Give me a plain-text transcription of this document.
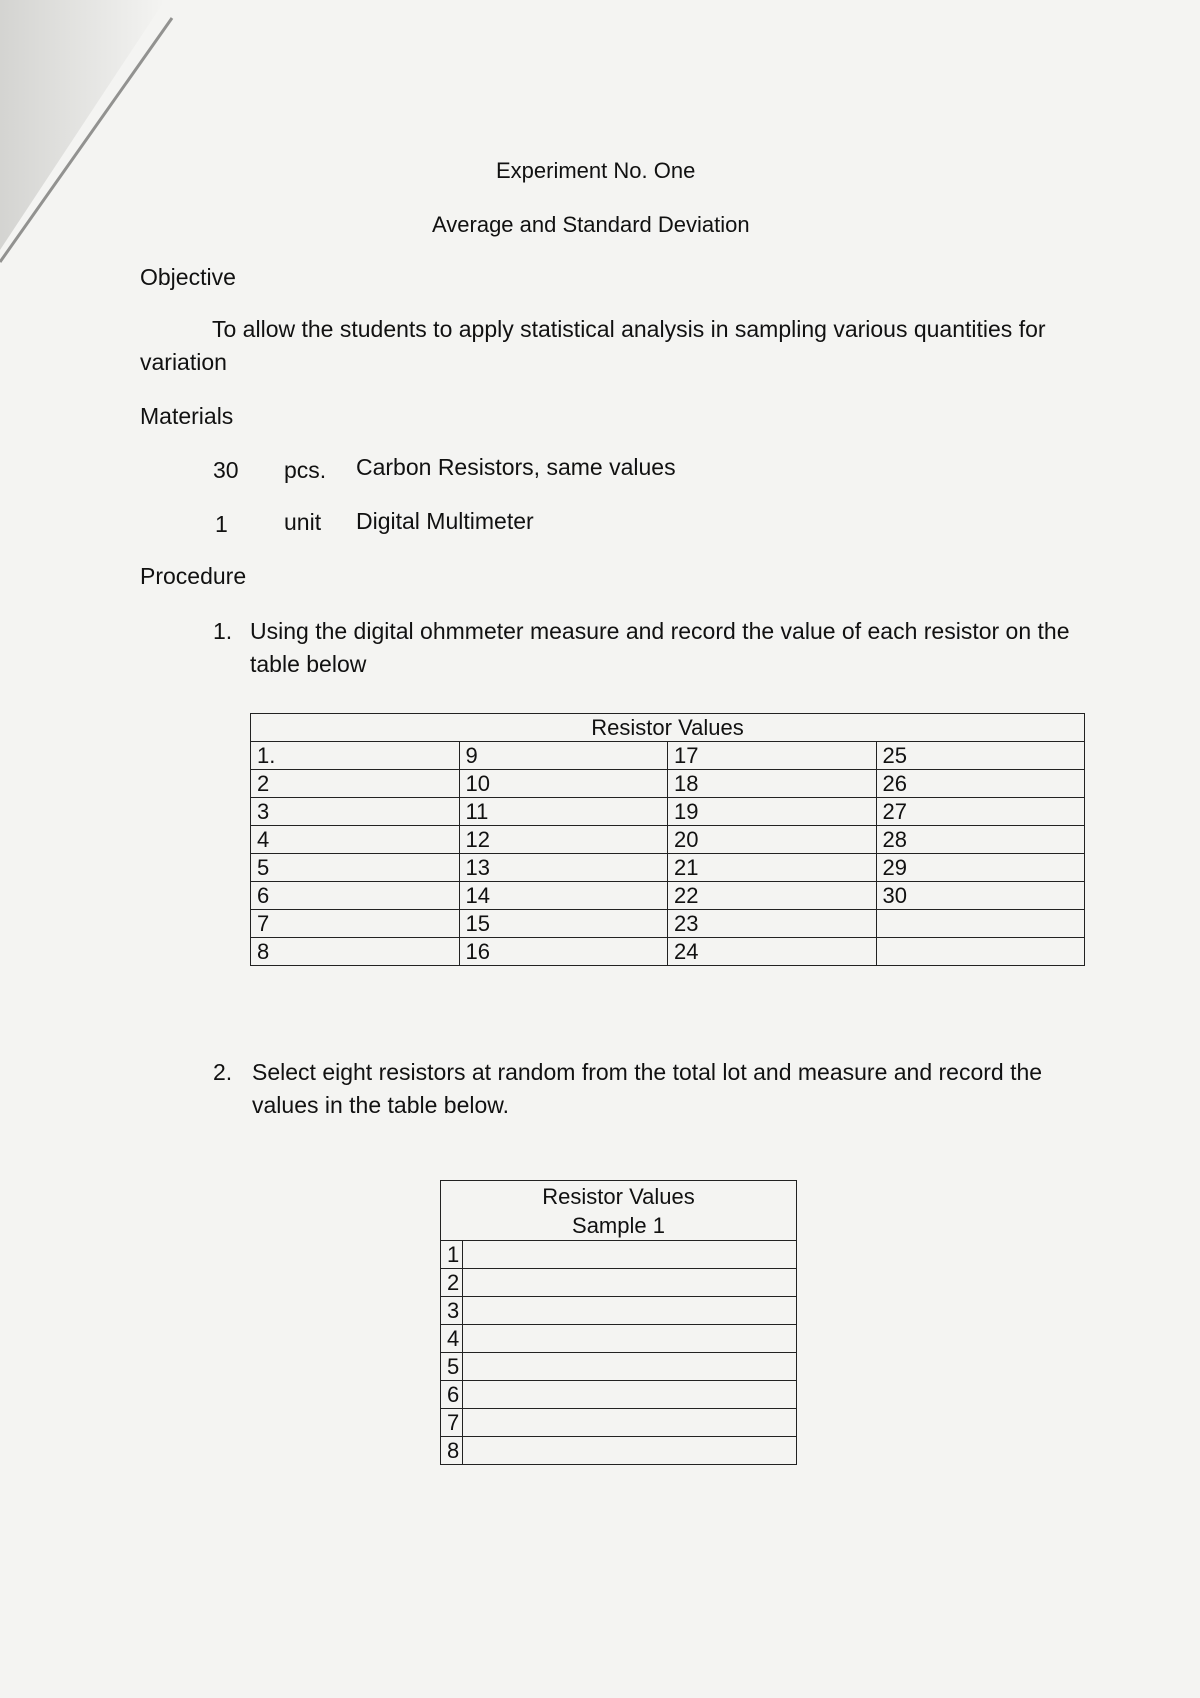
Experiment No. One
Average and Standard Deviation
Objective
To allow the students to apply statistical analysis in sampling various quantities for variation
Materials
30 pcs. Carbon Resistors, same values
1 unit Digital Multimeter
Procedure
1. Using the digital ohmmeter measure and record the value of each resistor on the table below
Resistor Values			
1.	9	17	25
2	10	18	26
3	11	19	27
4	12	20	28
5	13	21	29
6	14	22	30
7	15	23	
8	16	24	
2. Select eight resistors at random from the total lot and measure and record the values in the table below.
Resistor Values
Sample 1	
1	
2	
3	
4	
5	
6	
7	
8	
